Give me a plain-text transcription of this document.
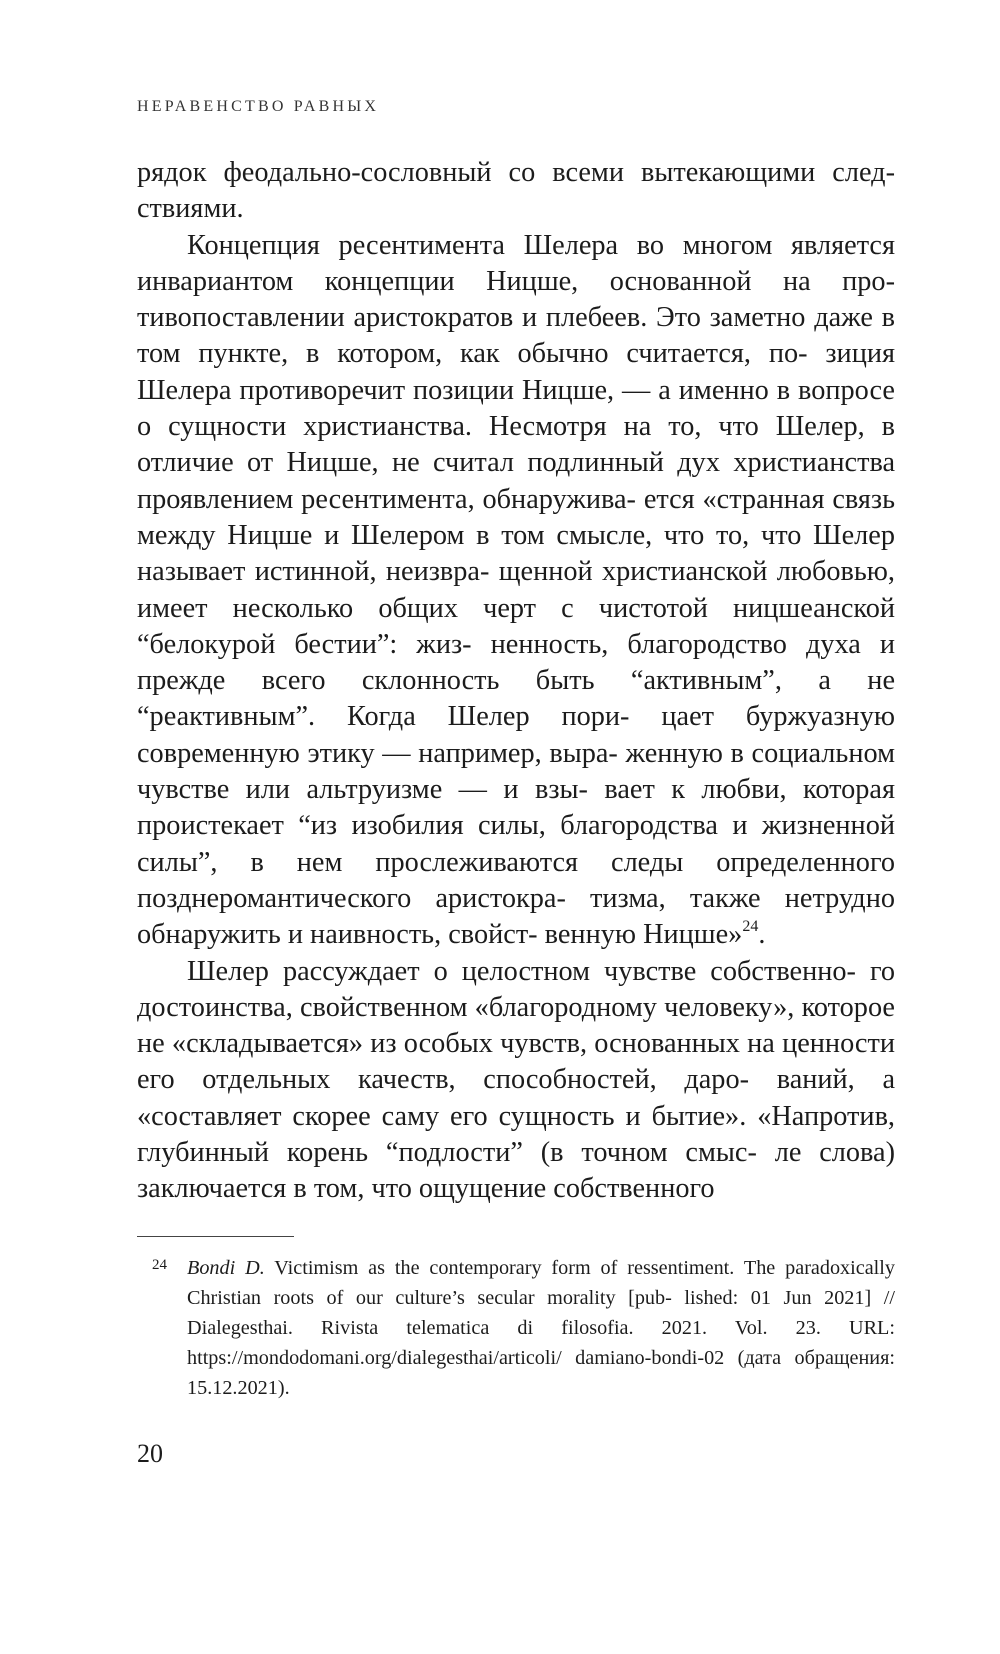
НЕРАВЕНСТВО РАВНЫХ

рядок феодально-сословный со всеми вытекающими след- ствиями.

Концепция ресентимента Шелера во многом является инвариантом концепции Ницше, основанной на про- тивопоставлении аристократов и плебеев. Это заметно даже в том пункте, в котором, как обычно считается, по- зиция Шелера противоречит позиции Ницше, — а именно в вопросе о сущности христианства. Несмотря на то, что Шелер, в отличие от Ницше, не считал подлинный дух христианства проявлением ресентимента, обнаружива- ется «странная связь между Ницше и Шелером в том смысле, что то, что Шелер называет истинной, неизвра- щенной христианской любовью, имеет несколько общих черт с чистотой ницшеанской “белокурой бестии”: жиз- ненность, благородство духа и прежде всего склонность быть “активным”, а не “реактивным”. Когда Шелер пори- цает буржуазную современную этику — например, выра- женную в социальном чувстве или альтруизме — и взы- вает к любви, которая проистекает “из изобилия силы, благородства и жизненной силы”, в нем прослеживаются следы определенного позднеромантического аристокра- тизма, также нетрудно обнаружить и наивность, свойст- венную Ницше»$^{24}$.

Шелер рассуждает о целостном чувстве собственно- го достоинства, свойственном «благородному человеку», которое не «складывается» из особых чувств, основанных на ценности его отдельных качеств, способностей, даро- ваний, а «составляет скорее саму его сущность и бытие». «Напротив, глубинный корень “подлости” (в точном смыс- ле слова) заключается в том, что ощущение собственного

24 Bondi D. Victimism as the contemporary form of ressentiment. The paradoxically Christian roots of our culture’s secular morality [pub- lished: 01 Jun 2021] // Dialegesthai. Rivista telematica di filosofia. 2021. Vol. 23. URL: https://mondodomani.org/dialegesthai/articoli/ damiano-bondi-02 (дата обращения: 15.12.2021).

20
